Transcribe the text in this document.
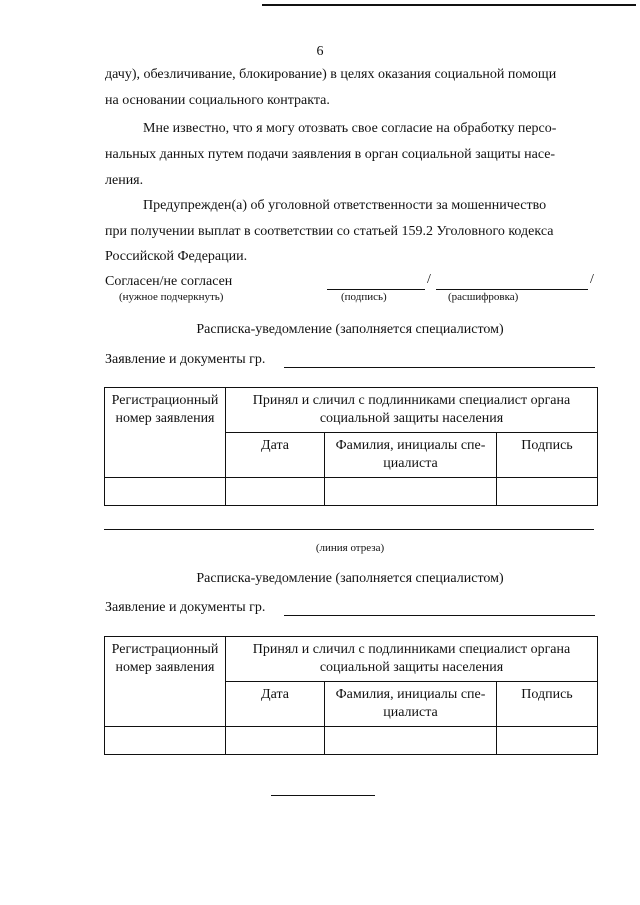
6
дачу), обезличивание, блокирование) в целях оказания социальной помощи
на основании социального контракта.
Мне известно, что я могу отозвать свое согласие на обработку персо-
нальных данных путем подачи заявления в орган социальной защиты насе-
ления.
Предупрежден(а) об уголовной ответственности за мошенничество
при получении выплат в соответствии со статьей 159.2 Уголовного кодекса
Российской Федерации.
Согласен/не согласен
(нужное подчеркнуть)
/	/
(подпись)	(расшифровка)
Расписка-уведомление (заполняется специалистом)
Заявление и документы гр.
Регистрационный номер заявления	Принял и сличил с подлинниками специалист органа социальной защиты населения		
	Дата	Фамилия, инициалы спе-циалиста	Подпись

(линия отреза)
Расписка-уведомление (заполняется специалистом)
Заявление и документы гр.
Регистрационный номер заявления	Принял и сличил с подлинниками специалист органа социальной защиты населения		
	Дата	Фамилия, инициалы спе-циалиста	Подпись
